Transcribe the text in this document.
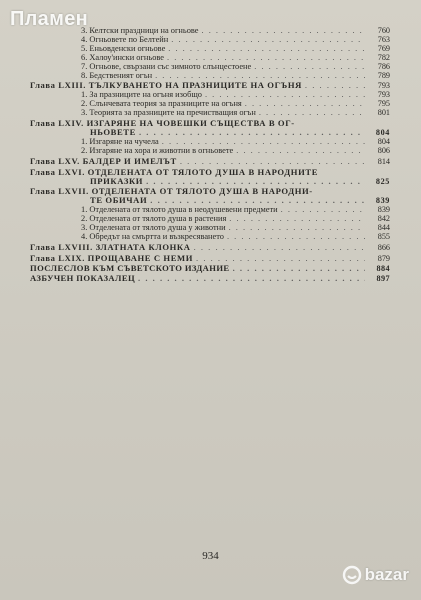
Пламен
3. Келтски праздници на огньове . . .	760
4. Огньовете по Белтейн . . .	763
5. Еньовденски огньове . . .	769
6. Халоу'ински огньове . . .	782
7. Огньове, свързани със зимното слънцестоене . . .	786
8. Бедственият огън . . .	789
Глава LXIII. ТЪЛКУВАНЕТО НА ПРАЗНИЦИТЕ НА ОГЪНЯ . . .	793
1. За празниците на огъня изобщо . . .	793
2. Слънчевата теория за празниците на огъня . . .	795
3. Теорията за празниците на пречистващия огън . . .	801
Глава LXIV. ИЗГАРЯНЕ НА ЧОВЕШКИ СЪЩЕСТВА В ОГ-
НЬОВЕТЕ . . .	804
1. Изгаряне на чучела . . .	804
2. Изгаряне на хора и животни в огньовете . . .	806
Глава LXV. БАЛДЕР И ИМЕЛЪТ . . .	814
Глава LXVI. ОТДЕЛЕНАТА ОТ ТЯЛОТО ДУША В НАРОДНИТЕ
ПРИКАЗКИ . . .	825
Глава LXVII. ОТДЕЛЕНАТА ОТ ТЯЛОТО ДУША В НАРОДНИ-
ТЕ ОБИЧАИ . . .	839
1. Отделената от тялото душа в неодушевени предмети . . .	839
2. Отделената от тялото душа в растения . . .	842
3. Отделената от тялото душа у животни . . .	844
4. Обредът на смъртта и възкресяването . . .	855
Глава LXVIII. ЗЛАТНАТА КЛОНКА . . .	866
Глава LXIX. ПРОЩАВАНЕ С НЕМИ . . .	879
ПОСЛЕСЛОВ КЪМ СЪВЕТСКОТО ИЗДАНИЕ . . .	884
АЗБУЧЕН ПОКАЗАЛЕЦ . . .	897
934
bazar
